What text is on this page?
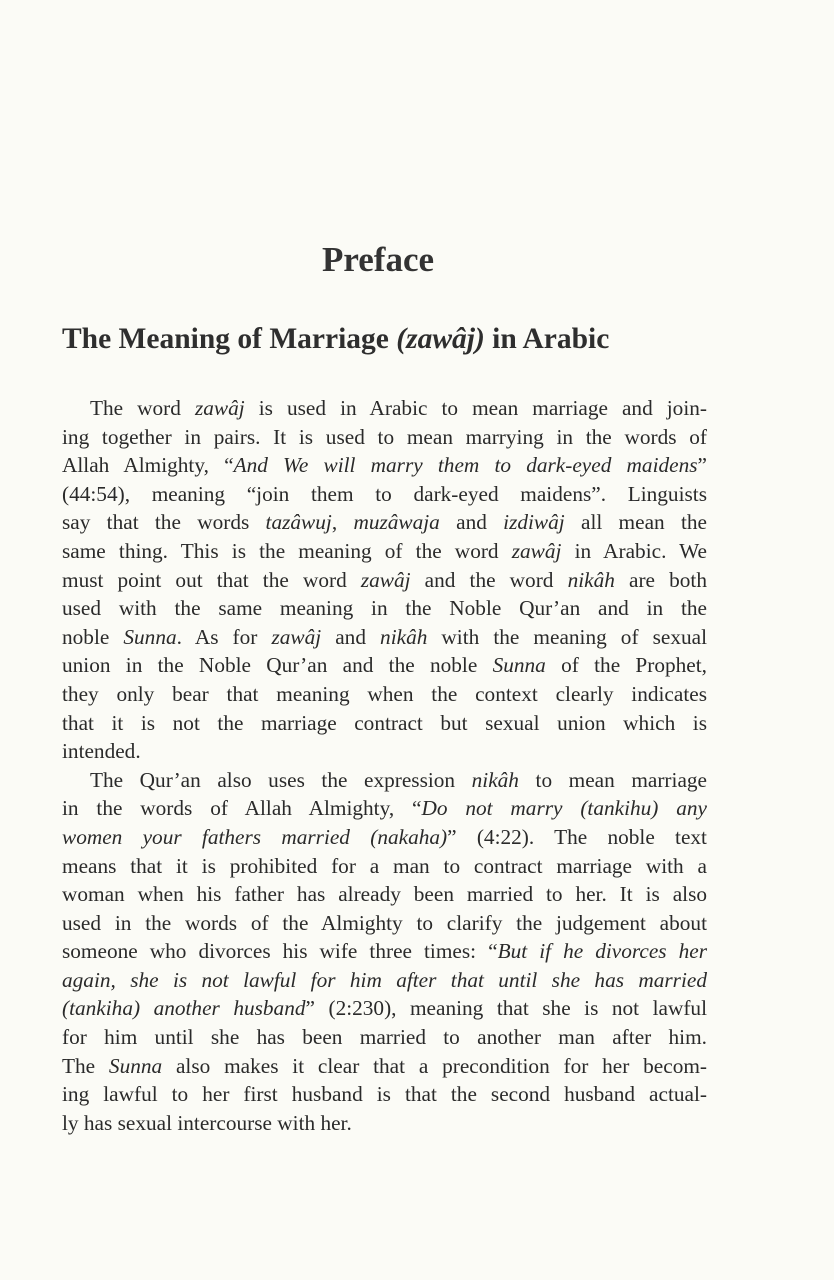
Preface
The Meaning of Marriage (zawâj) in Arabic
The word zawâj is used in Arabic to mean marriage and join-
ing together in pairs. It is used to mean marrying in the words of
Allah Almighty, “And We will marry them to dark-eyed maidens”
(44:54), meaning “join them to dark-eyed maidens”. Linguists
say that the words tazâwuj, muzâwaja and izdiwâj all mean the
same thing. This is the meaning of the word zawâj in Arabic. We
must point out that the word zawâj and the word nikâh are both
used with the same meaning in the Noble Qur’an and in the
noble Sunna. As for zawâj and nikâh with the meaning of sexual
union in the Noble Qur’an and the noble Sunna of the Prophet,
they only bear that meaning when the context clearly indicates
that it is not the marriage contract but sexual union which is
intended.
The Qur’an also uses the expression nikâh to mean marriage
in the words of Allah Almighty, “Do not marry (tankihu) any
women your fathers married (nakaha)” (4:22). The noble text
means that it is prohibited for a man to contract marriage with a
woman when his father has already been married to her. It is also
used in the words of the Almighty to clarify the judgement about
someone who divorces his wife three times: “But if he divorces her
again, she is not lawful for him after that until she has married
(tankiha) another husband” (2:230), meaning that she is not lawful
for him until she has been married to another man after him.
The Sunna also makes it clear that a precondition for her becom-
ing lawful to her first husband is that the second husband actual-
ly has sexual intercourse with her.
